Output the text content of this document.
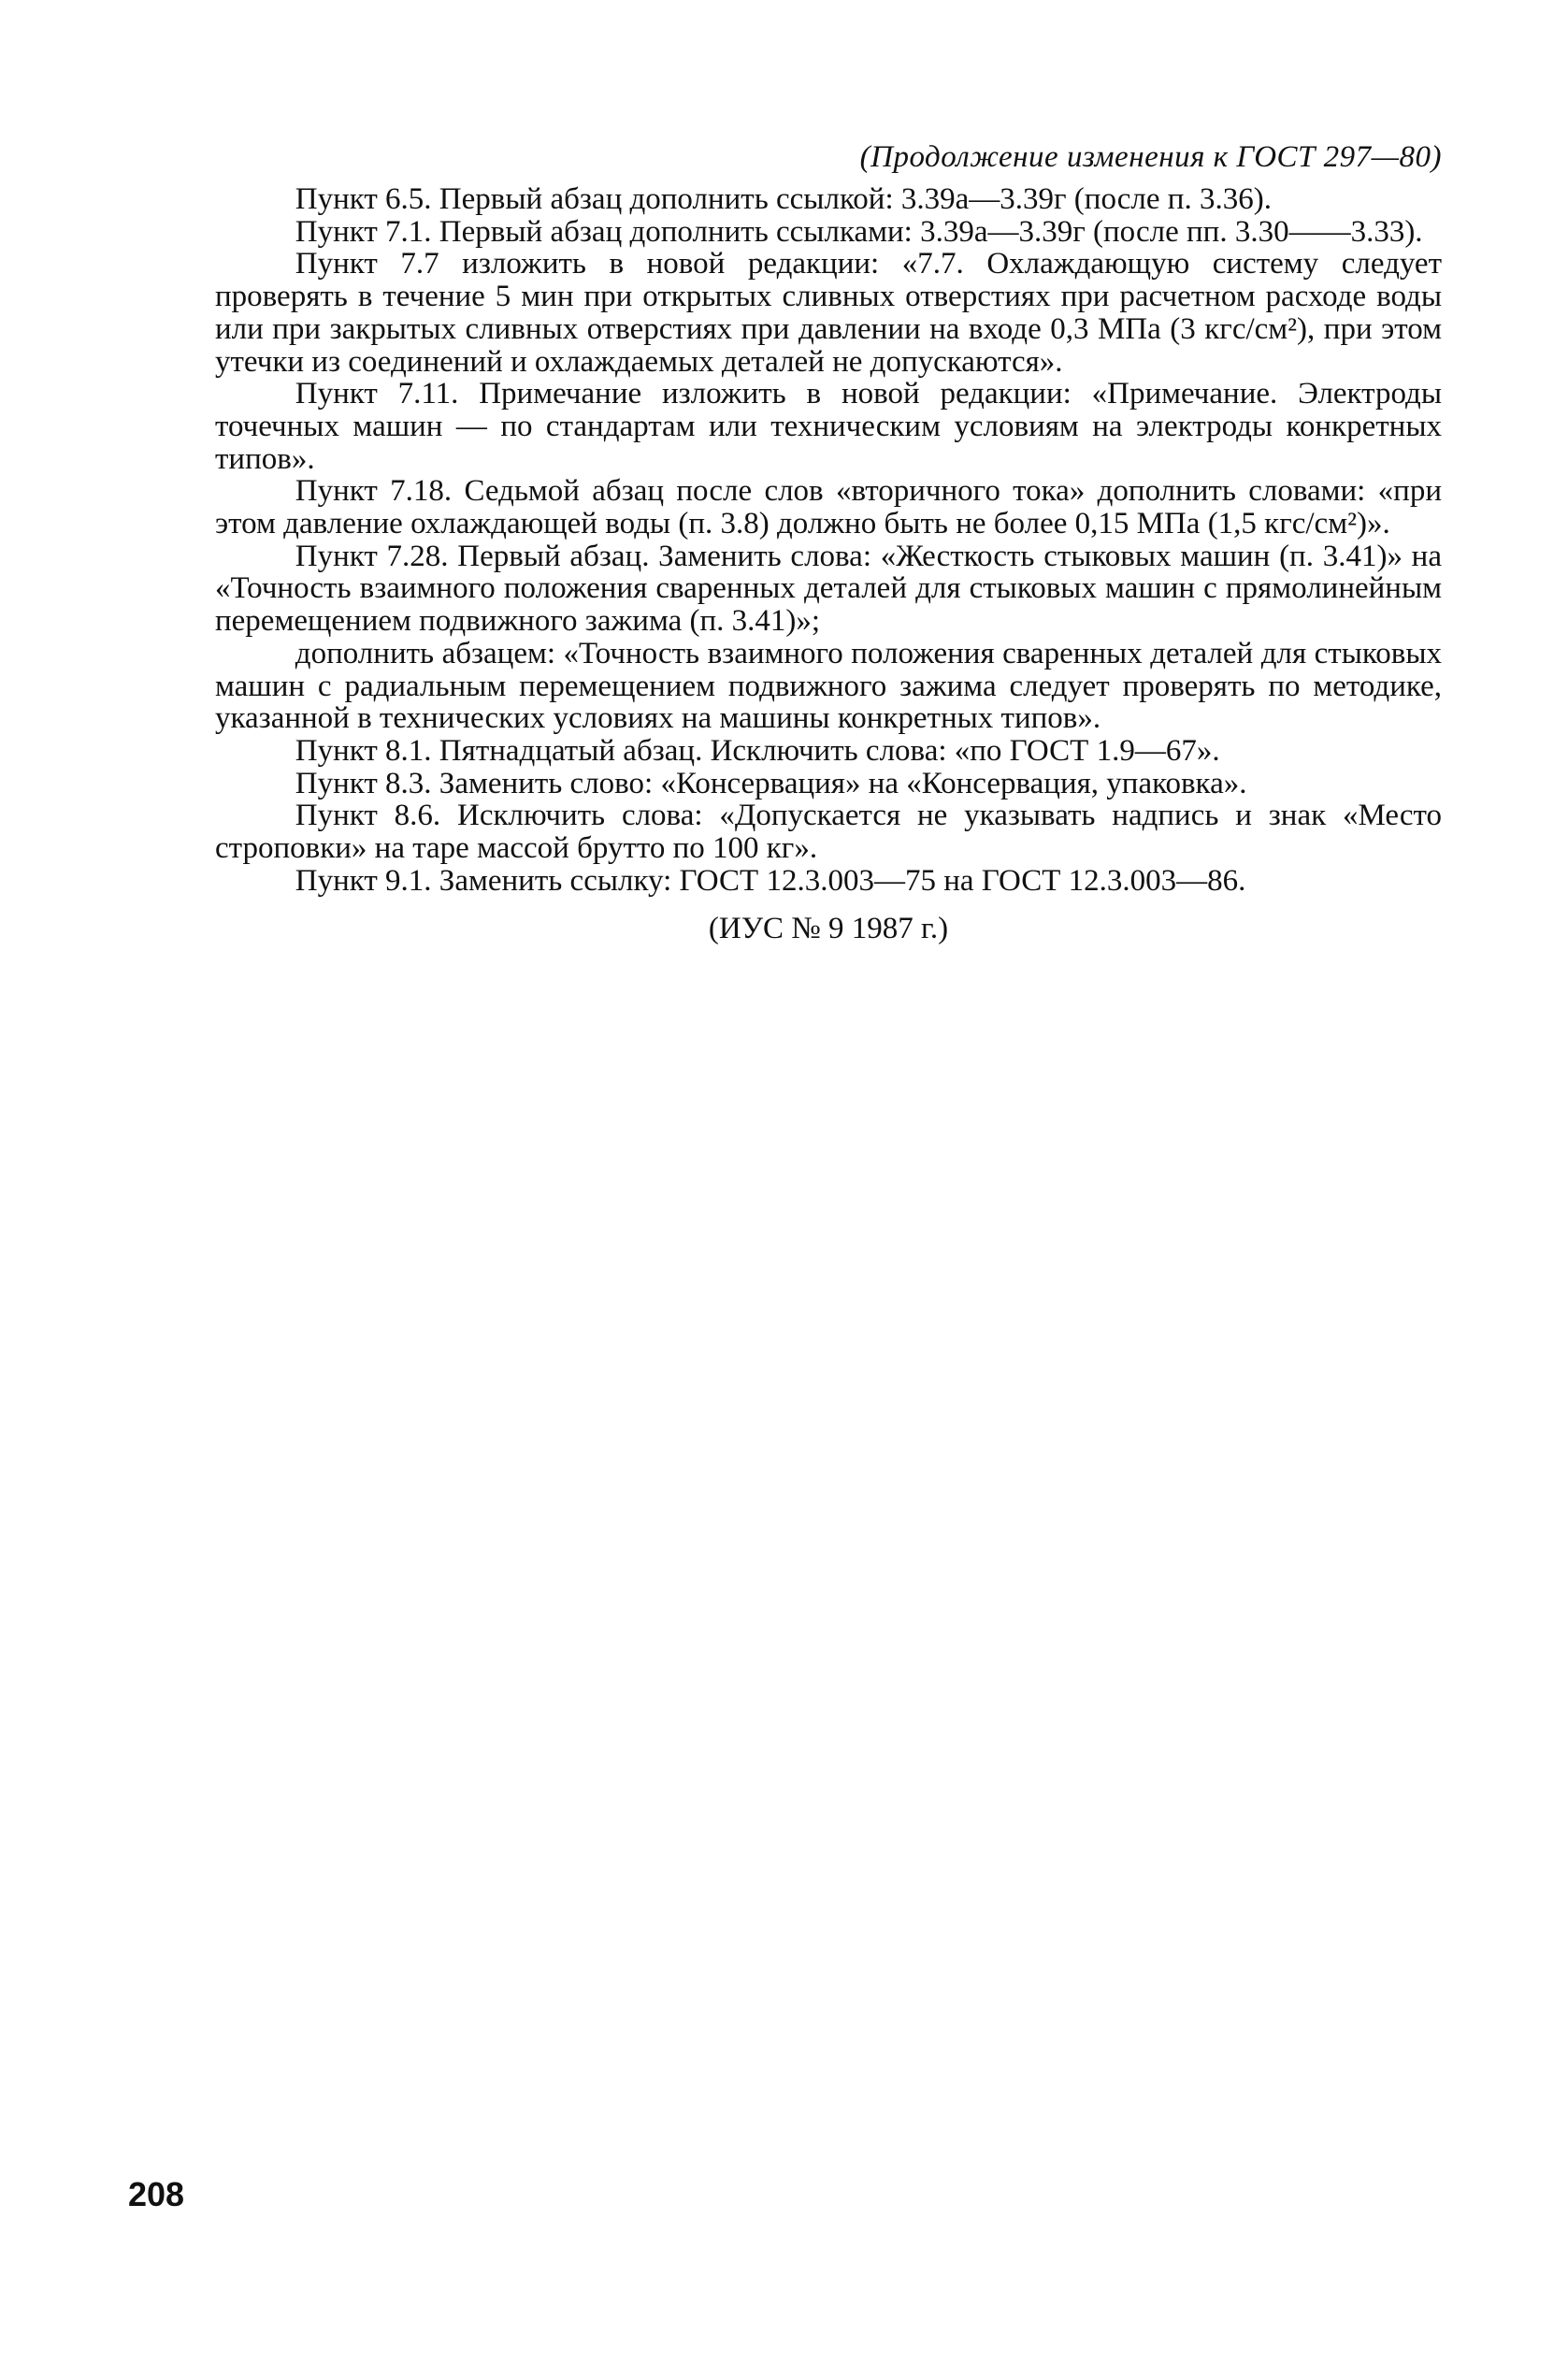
(Продолжение изменения к ГОСТ 297—80)

Пункт 6.5. Первый абзац дополнить ссылкой: 3.39а—3.39г (после п. 3.36).

Пункт 7.1. Первый абзац дополнить ссылками: 3.39а—3.39г (после пп. 3.30——3.33).

Пункт 7.7 изложить в новой редакции: «7.7. Охлаждающую систему следует проверять в течение 5 мин при открытых сливных отверстиях при расчетном расходе воды или при закрытых сливных отверстиях при давлении на входе 0,3 МПа (3 кгс/см²), при этом утечки из соединений и охлаждаемых деталей не допускаются».

Пункт 7.11. Примечание изложить в новой редакции: «Примечание. Электроды точечных машин — по стандартам или техническим условиям на электроды конкретных типов».

Пункт 7.18. Седьмой абзац после слов «вторичного тока» дополнить словами: «при этом давление охлаждающей воды (п. 3.8) должно быть не более 0,15 МПа (1,5 кгс/см²)».

Пункт 7.28. Первый абзац. Заменить слова: «Жесткость стыковых машин (п. 3.41)» на «Точность взаимного положения сваренных деталей для стыковых машин с прямолинейным перемещением подвижного зажима (п. 3.41)»;

дополнить абзацем: «Точность взаимного положения сваренных деталей для стыковых машин с радиальным перемещением подвижного зажима следует проверять по методике, указанной в технических условиях на машины конкретных типов».

Пункт 8.1. Пятнадцатый абзац. Исключить слова: «по ГОСТ 1.9—67».

Пункт 8.3. Заменить слово: «Консервация» на «Консервация, упаковка».

Пункт 8.6. Исключить слова: «Допускается не указывать надпись и знак «Место строповки» на таре массой брутто по 100 кг».

Пункт 9.1. Заменить ссылку: ГОСТ 12.3.003—75 на ГОСТ 12.3.003—86.

(ИУС № 9 1987 г.)

208
